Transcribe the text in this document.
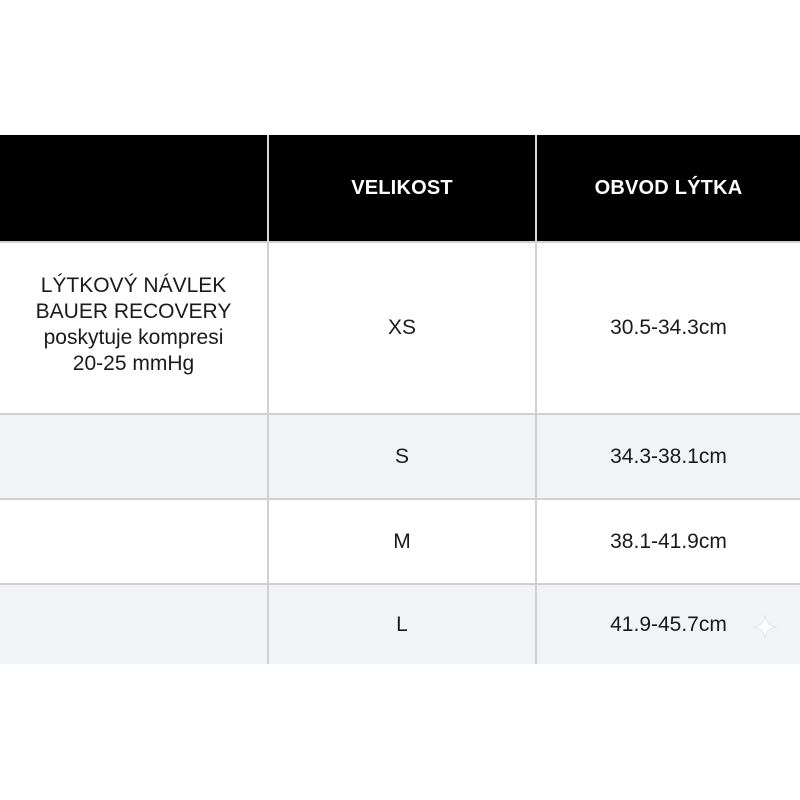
	VELIKOST	OBVOD LÝTKA

LÝTKOVÝ NÁVLEK
BAUER RECOVERY
poskytuje kompresi
20-25 mmHg	XS	30.5-34.3cm
	S	34.3-38.1cm
	M	38.1-41.9cm
	L	41.9-45.7cm
